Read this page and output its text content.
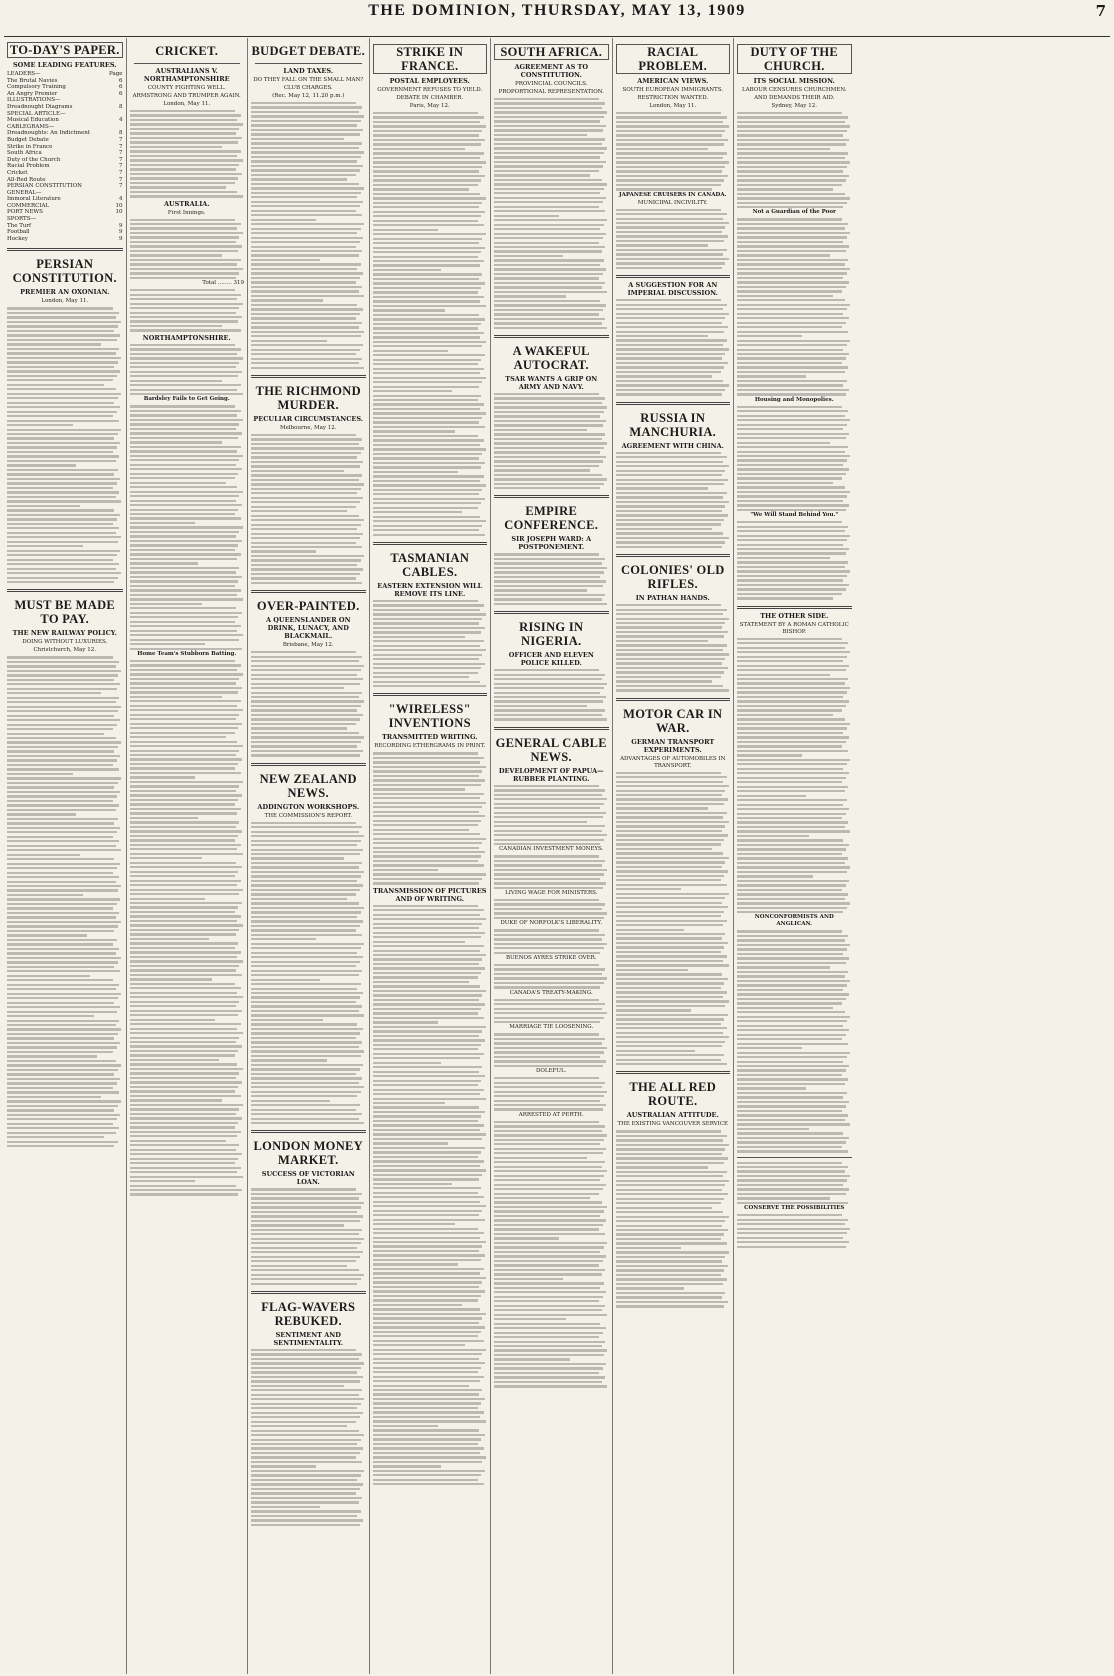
THE DOMINION, THURSDAY, MAY 13, 1909	7
TO-DAY'S PAPER.
SOME LEADING FEATURES.
LEADERS—	Page
The Brutal Navies	6
Compulsory Training	6
An Angry Premier	6
ILLUSTRATIONS—
Dreadnought Diagrams	8
SPECIAL ARTICLE—
Musical Education	4
CABLEGRAMS—
Dreadnoughts: An Indictment	8
Budget Debate	7
Strike in France	7
South Africa	7
Duty of the Church	7
Racial Problem	7
Cricket	7
All-Red Route	7
PERSIAN CONSTITUTION	7
GENERAL—
Immoral Literature	4
COMMERCIAL	10
PORT NEWS	10
SPORTS—
The Turf	9
Football	9
Hockey	9
PERSIAN CONSTITUTION.
PREMIER AN OXONIAN.
London, May 11.
MUST BE MADE TO PAY.
THE NEW RAILWAY POLICY.
DOING WITHOUT LUXURIES.
Christchurch, May 12.
CRICKET.
AUSTRALIANS V. NORTHAMPTONSHIRE
COUNTY FIGHTING WELL.
ARMSTRONG AND TRUMPER AGAIN.
London, May 11.
AUSTRALIA.
First Innings.
Total ........ 319
NORTHAMPTONSHIRE.
Bardsley Fails to Get Going.
Home Team's Stubborn Batting.
BUDGET DEBATE.
LAND TAXES.
DO THEY FALL ON THE SMALL MAN?
CLUB CHARGES.
(Rec. May 12, 11.20 p.m.)
THE RICHMOND MURDER.
PECULIAR CIRCUMSTANCES.
Melbourne, May 12.
OVER-PAINTED.
A QUEENSLANDER ON DRINK, LUNACY, AND BLACKMAIL.
Brisbane, May 12.
NEW ZEALAND NEWS.
ADDINGTON WORKSHOPS.
THE COMMISSION'S REPORT.
LONDON MONEY MARKET.
SUCCESS OF VICTORIAN LOAN.
FLAG-WAVERS REBUKED.
SENTIMENT AND SENTIMENTALITY.
STRIKE IN FRANCE.
POSTAL EMPLOYEES.
GOVERNMENT REFUSES TO YIELD.
DEBATE IN CHAMBER.
Paris, May 12.
TASMANIAN CABLES.
EASTERN EXTENSION WILL REMOVE ITS LINE.
"WIRELESS" INVENTIONS
TRANSMITTED WRITING.
RECORDING ETHERGRAMS IN PRINT.
TRANSMISSION OF PICTURES AND OF WRITING.
SOUTH AFRICA.
AGREEMENT AS TO CONSTITUTION.
PROVINCIAL COUNCILS.
PROPORTIONAL REPRESENTATION.
A WAKEFUL AUTOCRAT.
TSAR WANTS A GRIP ON ARMY AND NAVY.
EMPIRE CONFERENCE.
SIR JOSEPH WARD: A POSTPONEMENT.
RISING IN NIGERIA.
OFFICER AND ELEVEN POLICE KILLED.
GENERAL CABLE NEWS.
DEVELOPMENT OF PAPUA—RUBBER PLANTING.
CANADIAN INVESTMENT MONEYS.
LIVING WAGE FOR MINISTERS.
DUKE OF NORFOLK'S LIBERALITY.
BUENOS AYRES STRIKE OVER.
CANADA'S TREATY-MAKING.
MARRIAGE TIE LOOSENING.
DOLEFUL.
ARRESTED AT PERTH.
RACIAL PROBLEM.
AMERICAN VIEWS.
SOUTH EUROPEAN IMMIGRANTS.
RESTRICTION WANTED.
London, May 11.
JAPANESE CRUISERS IN CANADA.
MUNICIPAL INCIVILITY.
A SUGGESTION FOR AN IMPERIAL DISCUSSION.
RUSSIA IN MANCHURIA.
AGREEMENT WITH CHINA.
COLONIES' OLD RIFLES.
IN PATHAN HANDS.
MOTOR CAR IN WAR.
GERMAN TRANSPORT EXPERIMENTS.
ADVANTAGES OF AUTOMOBILES IN TRANSPORT.
THE ALL RED ROUTE.
AUSTRALIAN ATTITUDE.
THE EXISTING VANCOUVER SERVICE
DUTY OF THE CHURCH.
ITS SOCIAL MISSION.
LABOUR CENSURES CHURCHMEN.
AND DEMANDS THEIR AID.
Sydney, May 12.
Not a Guardian of the Poor
Housing and Monopolies.
"We Will Stand Behind You."
THE OTHER SIDE.
STATEMENT BY A ROMAN CATHOLIC BISHOP.
NONCONFORMISTS AND ANGLICAN.
CONSERVE THE POSSIBILITIES
